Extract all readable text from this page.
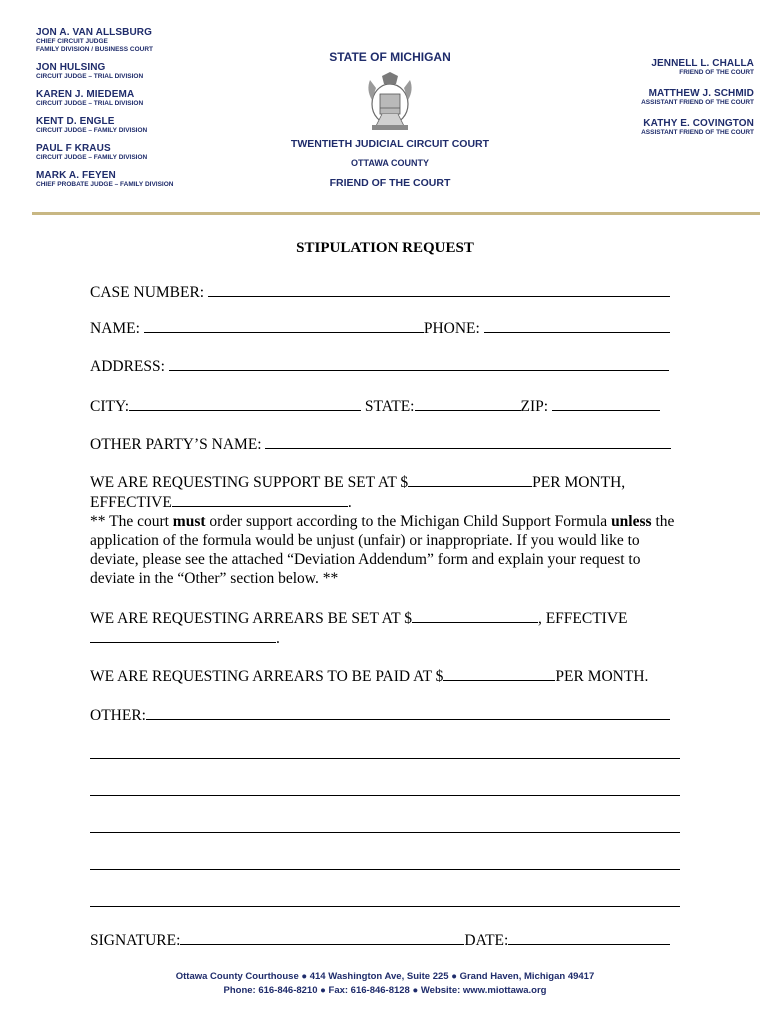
JON A. VAN ALLSBURG
CHIEF CIRCUIT JUDGE
FAMILY DIVISION / BUSINESS COURT
JON HULSING
CIRCUIT JUDGE – TRIAL DIVISION
KAREN J. MIEDEMA
CIRCUIT JUDGE – TRIAL DIVISION
KENT D. ENGLE
CIRCUIT JUDGE – FAMILY DIVISION
PAUL F KRAUS
CIRCUIT JUDGE – FAMILY DIVISION
MARK A. FEYEN
CHIEF PROBATE JUDGE – FAMILY DIVISION
STATE OF MICHIGAN
TWENTIETH JUDICIAL CIRCUIT COURT
OTTAWA COUNTY
FRIEND OF THE COURT
JENNELL L. CHALLA
FRIEND OF THE COURT
MATTHEW J. SCHMID
ASSISTANT FRIEND OF THE COURT
KATHY E. COVINGTON
ASSISTANT FRIEND OF THE COURT
STIPULATION REQUEST
CASE NUMBER:
NAME:	PHONE:
ADDRESS:
CITY:	STATE:	ZIP:
OTHER PARTY’S NAME:
WE ARE REQUESTING SUPPORT BE SET AT $	PER MONTH,
EFFECTIVE	.
** The court must order support according to the Michigan Child Support Formula unless the application of the formula would be unjust (unfair) or inappropriate. If you would like to deviate, please see the attached “Deviation Addendum” form and explain your request to deviate in the “Other” section below. **
WE ARE REQUESTING ARREARS BE SET AT $	, EFFECTIVE
.
WE ARE REQUESTING ARREARS TO BE PAID AT $	PER MONTH.
OTHER:
SIGNATURE:	DATE:
Ottawa County Courthouse ● 414 Washington Ave, Suite 225 ● Grand Haven, Michigan 49417
Phone: 616-846-8210 ● Fax: 616-846-8128 ● Website: www.miottawa.org
